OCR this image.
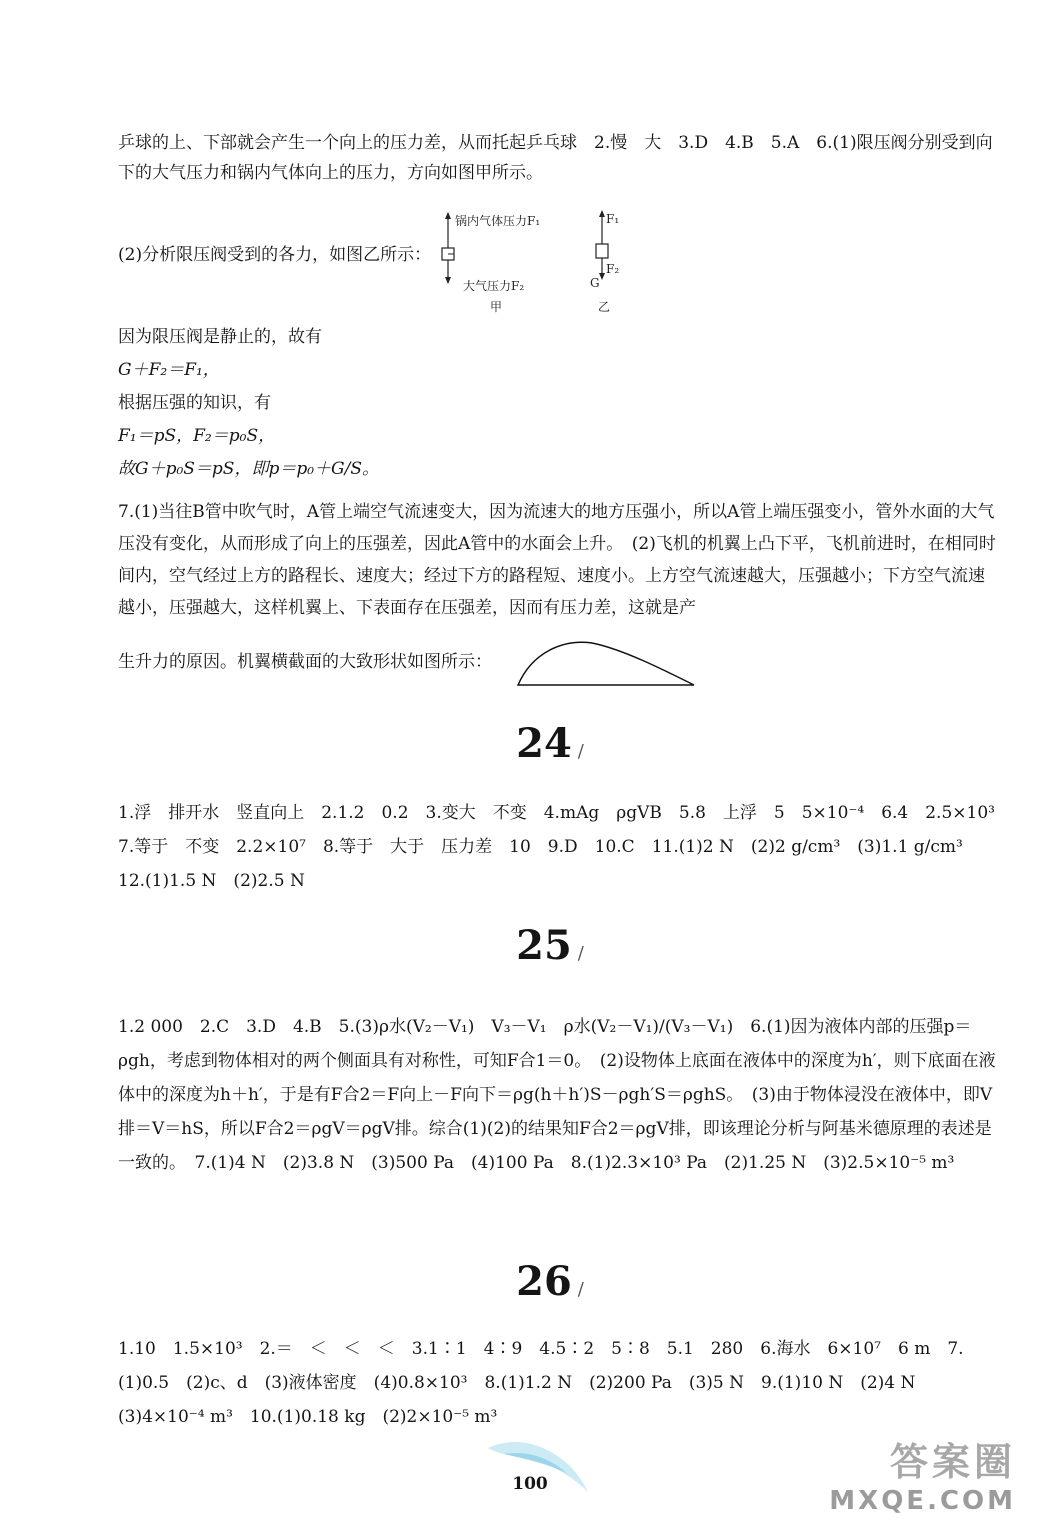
乒球的上、下部就会产生一个向上的压力差，从而托起乒乓球　2.慢　大　3.D　4.B　5.A　6.(1)限压阀分别受到向下的大气压力和锅内气体向上的压力，方向如图甲所示。
(2)分析限压阀受到的各力，如图乙所示：
锅内气体压力F₁
大气压力F₂
甲
F₁
F₂
G
乙
因为限压阀是静止的，故有
G＋F₂＝F₁，
根据压强的知识，有
F₁＝pS，F₂＝p₀S，
故G＋p₀S＝pS，即p＝p₀＋G/S。
7.(1)当往B管中吹气时，A管上端空气流速变大，因为流速大的地方压强小，所以A管上端压强变小，管外水面的大气压没有变化，从而形成了向上的压强差，因此A管中的水面会上升。　(2)飞机的机翼上凸下平，飞机前进时，在相同时间内，空气经过上方的路程长、速度大；经过下方的路程短、速度小。上方空气流速越大，压强越小；下方空气流速越小，压强越大，这样机翼上、下表面存在压强差，因而有压力差，这就是产
生升力的原因。机翼横截面的大致形状如图所示：
24 /
1.浮　排开水　竖直向上　2.1.2　0.2　3.变大　不变　4.mAg　ρgVB　5.8　上浮　5　5×10⁻⁴　6.4　2.5×10³　7.等于　不变　2.2×10⁷　8.等于　大于　压力差　10　9.D　10.C　11.(1)2 N　(2)2 g/cm³　(3)1.1 g/cm³　12.(1)1.5 N　(2)2.5 N
25 /
1.2 000　2.C　3.D　4.B　5.(3)ρ水(V₂－V₁)　V₃－V₁　ρ水(V₂－V₁)/(V₃－V₁)　6.(1)因为液体内部的压强p＝ρgh，考虑到物体相对的两个侧面具有对称性，可知F合1＝0。　(2)设物体上底面在液体中的深度为h′，则下底面在液体中的深度为h＋h′，于是有F合2＝F向上－F向下＝ρg(h＋h′)S－ρgh′S＝ρghS。　(3)由于物体浸没在液体中，即V排＝V＝hS，所以F合2＝ρgV＝ρgV排。综合(1)(2)的结果知F合2＝ρgV排，即该理论分析与阿基米德原理的表述是一致的。　7.(1)4 N　(2)3.8 N　(3)500 Pa　(4)100 Pa　8.(1)2.3×10³ Pa　(2)1.25 N　(3)2.5×10⁻⁵ m³
26 /
1.10　1.5×10³　2.＝　＜　＜　＜　3.1∶1　4∶9　4.5∶2　5∶8　5.1　280　6.海水　6×10⁷　6 m　7.(1)0.5　(2)c、d　(3)液体密度　(4)0.8×10³　8.(1)1.2 N　(2)200 Pa　(3)5 N　9.(1)10 N　(2)4 N　(3)4×10⁻⁴ m³　10.(1)0.18 kg　(2)2×10⁻⁵ m³
100	答案圈
MXQE.COM
